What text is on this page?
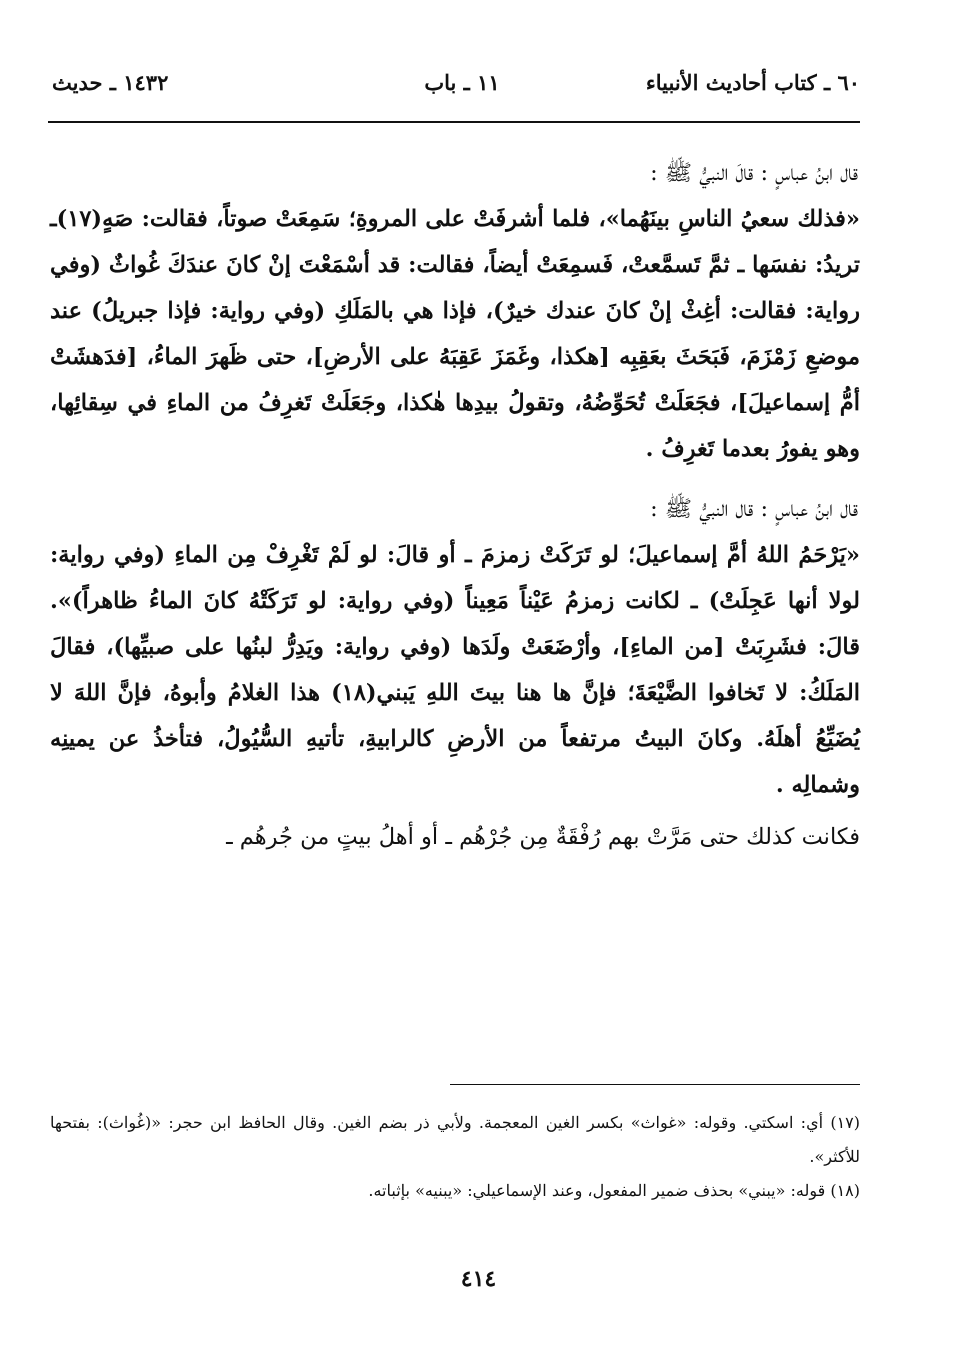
١٤٣٢ ـ حديث	١١ ـ باب	٦٠ ـ كتاب أحاديث الأنبياء

قال ابنُ عباسٍ : قالَ النبيُّ ﷺ :

«فذلك سعيُ الناسِ بينَهُما»، فلما أشرفَتْ على المروةِ؛ سَمِعَتْ صوتاً، فقالت: صَهٍ(١٧)ـ تريدُ: نفسَها ـ ثمَّ تَسمَّعتْ، فَسمِعَتْ أيضاً، فقالت: قد أسْمَعْتَ إنْ كانَ عندَكَ غُواثٌ (وفي رواية: فقالت: أغِثْ إنْ كانَ عندك خيرٌ)، فإذا هي بالمَلَكِ (وفي رواية: فإذا جبريلُ) عند موضعِ زَمْزَمَ، فَبَحَثَ بعَقِبِه [هكذا، وغَمَزَ عَقِبَهُ على الأرضِ]، حتى ظَهرَ الماءُ، [فدَهشَتْ أمُّ إسماعيلَ]، فجَعَلَتْ تُحَوِّضُهُ، وتقولُ بيدِها هٰكذا، وجَعَلَتْ تَغرِفُ من الماءِ في سِقائِها، وهو يفورُ بعدما تَغرِفُ .

قال ابنُ عباسٍ : قال النبيُّ ﷺ :

«يَرْحَمُ اللهُ أمَّ إسماعيلَ؛ لو تَرَكَتْ زمزمَ ـ أو قالَ: لو لَمْ تَغْرِفْ مِن الماءِ (وفي رواية: لولا أنها عَجِلَتْ) ـ لكانت زمزمُ عَيْناً مَعِيناً (وفي رواية: لو تَرَكَتْهُ كانَ الماءُ ظاهراً)». قالَ: فشَرِبَتْ [من الماءِ]، وأرْضَعَتْ ولَدَها (وفي رواية: ويَدِرُّ لبنُها على صبيِّها)، فقالَ المَلَكُ: لا تَخافوا الضَّيْعَةَ؛ فإنَّ ها هنا بيتَ اللهِ يَبني(١٨) هذا الغلامُ وأبوهُ، فإنَّ اللهَ لا يُضَيِّعُ أهلَهُ. وكانَ البيتُ مرتفعاً من الأرضِ كالرابيةِ، تأتيهِ السُّيُولُ، فتأخذُ عن يمينِه وشمالِه .

فكانت كذلك حتى مَرَّتْ بهم رُفْقَةٌ مِن جُرْهُم ـ أو أهلُ بيتٍ من جُرهُم ـ

(١٧) أي: اسكتي. وقوله: «غواث» بكسر الغين المعجمة. ولأبي ذر بضم الغين. وقال الحافظ ابن حجر: «(غُواث): بفتحها للأكثر».

(١٨) قوله: «يبني» بحذف ضمير المفعول، وعند الإسماعيلي: «يبنيه» بإثباته.

٤١٤
